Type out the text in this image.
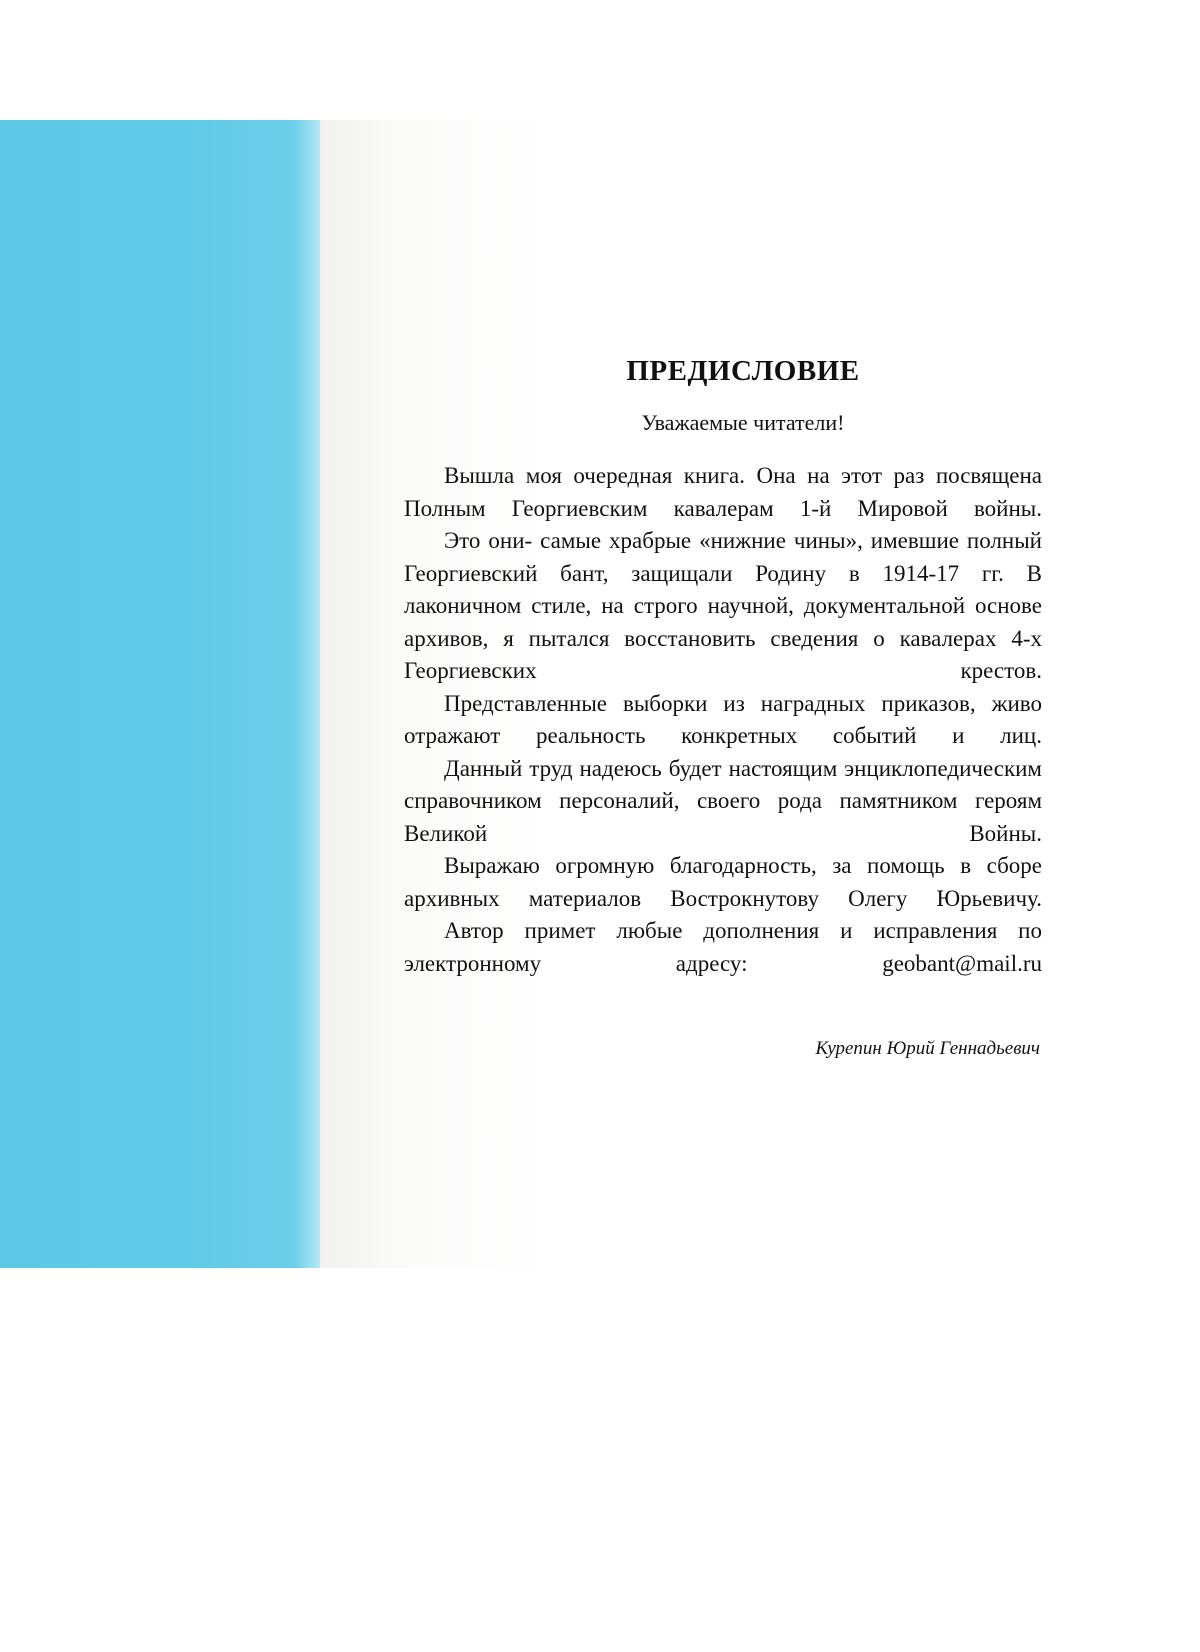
ПРЕДИСЛОВИЕ
Уважаемые читатели!

Вышла моя очередная книга. Она на этот раз посвящена Полным Георгиевским кавалерам 1-й Мировой войны.

Это они- самые храбрые «нижние чины», имевшие полный Георгиевский бант, защищали Родину в 1914-17 гг. В лаконичном стиле, на строго научной, документальной основе архивов, я пытался восстановить сведения о кавалерах 4-х Георгиевских крестов.

Представленные выборки из наградных приказов, живо отражают реальность конкретных событий и лиц.

Данный труд надеюсь будет настоящим энциклопедическим справочником персоналий, своего рода памятником героям Великой Войны.

Выражаю огромную благодарность, за помощь в сборе архивных материалов Вострокнутову Олегу Юрьевичу.

Автор примет любые дополнения и исправления по электронному адресу: geobant@mail.ru

Курепин Юрий Геннадьевич
